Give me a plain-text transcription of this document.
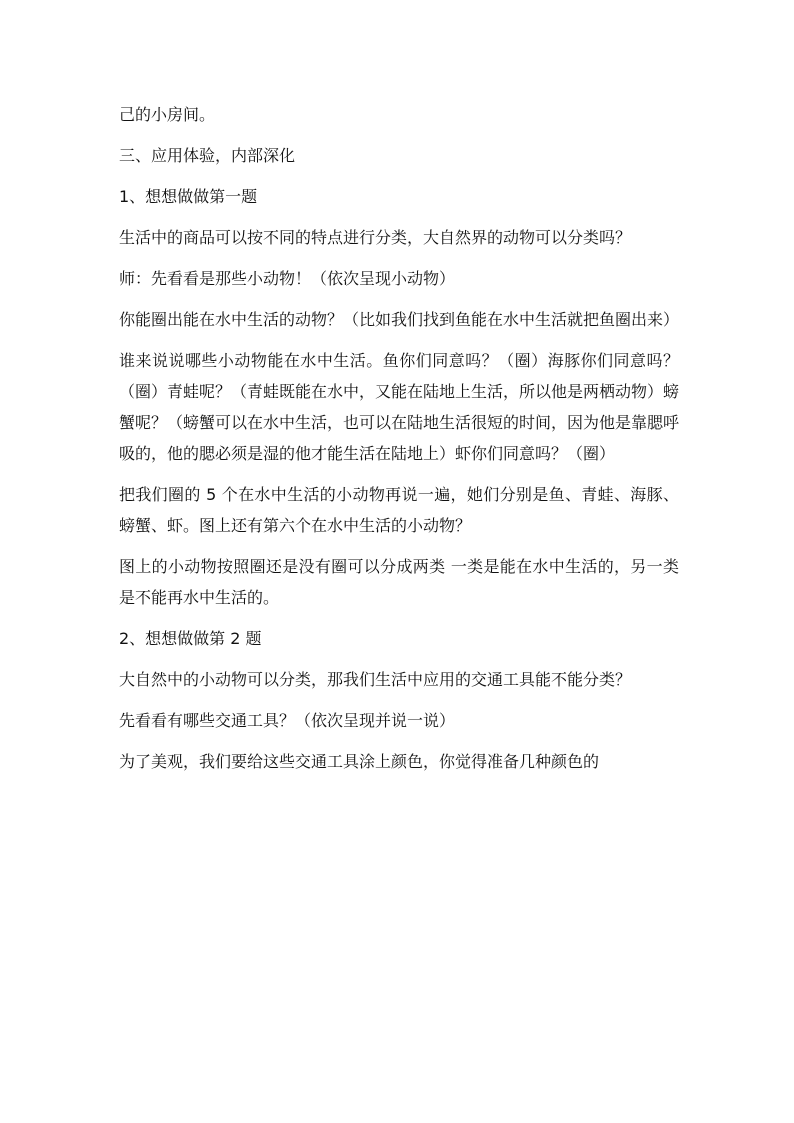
己的小房间。

三、应用体验，内部深化

1、想想做做第一题

生活中的商品可以按不同的特点进行分类，大自然界的动物可以分类吗？

师：先看看是那些小动物！（依次呈现小动物）

你能圈出能在水中生活的动物？（比如我们找到鱼能在水中生活就把鱼圈出来）

谁来说说哪些小动物能在水中生活。鱼你们同意吗？（圈）海豚你们同意吗？（圈）青蛙呢？（青蛙既能在水中，又能在陆地上生活，所以他是两栖动物）螃蟹呢？（螃蟹可以在水中生活，也可以在陆地生活很短的时间，因为他是靠腮呼吸的，他的腮必须是湿的他才能生活在陆地上）虾你们同意吗？（圈）

把我们圈的 5 个在水中生活的小动物再说一遍，她们分别是鱼、青蛙、海豚、螃蟹、虾。图上还有第六个在水中生活的小动物？

图上的小动物按照圈还是没有圈可以分成两类 一类是能在水中生活的，另一类是不能再水中生活的。

2、想想做做第 2 题

大自然中的小动物可以分类，那我们生活中应用的交通工具能不能分类？

先看看有哪些交通工具？（依次呈现并说一说）

为了美观，我们要给这些交通工具涂上颜色，你觉得准备几种颜色的
